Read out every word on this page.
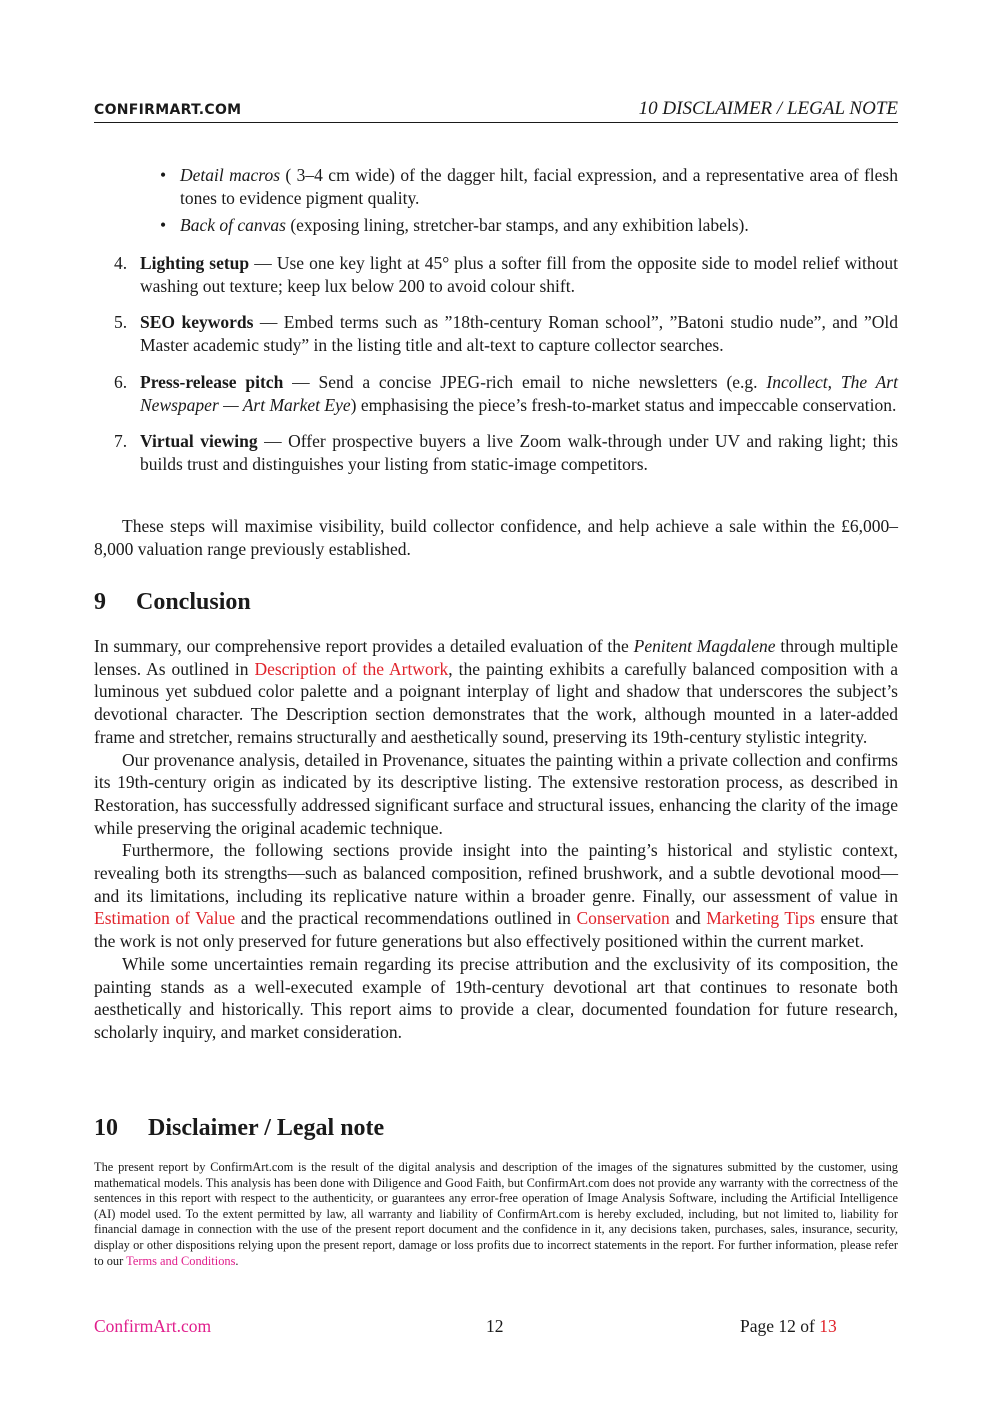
CONFIRMART.COM	10 DISCLAIMER / LEGAL NOTE
• Detail macros ( 3–4 cm wide) of the dagger hilt, facial expression, and a representative area of flesh tones to evidence pigment quality.
• Back of canvas (exposing lining, stretcher-bar stamps, and any exhibition labels).
4. Lighting setup — Use one key light at 45° plus a softer fill from the opposite side to model relief without washing out texture; keep lux below 200 to avoid colour shift.
5. SEO keywords — Embed terms such as ”18th-century Roman school”, ”Batoni studio nude”, and ”Old Master academic study” in the listing title and alt-text to capture collector searches.
6. Press-release pitch — Send a concise JPEG-rich email to niche newsletters (e.g. Incollect, The Art Newspaper — Art Market Eye) emphasising the piece’s fresh-to-market status and impeccable conservation.
7. Virtual viewing — Offer prospective buyers a live Zoom walk-through under UV and raking light; this builds trust and distinguishes your listing from static-image competitors.

These steps will maximise visibility, build collector confidence, and help achieve a sale within the £6,000–8,000 valuation range previously established.

9 Conclusion

In summary, our comprehensive report provides a detailed evaluation of the Penitent Magdalene through multiple lenses. As outlined in Description of the Artwork, the painting exhibits a carefully balanced composition with a luminous yet subdued color palette and a poignant interplay of light and shadow that underscores the subject’s devotional character. The Description section demonstrates that the work, although mounted in a later-added frame and stretcher, remains structurally and aesthetically sound, preserving its 19th-century stylistic integrity.

Our provenance analysis, detailed in Provenance, situates the painting within a private collection and confirms its 19th-century origin as indicated by its descriptive listing. The extensive restoration process, as described in Restoration, has successfully addressed significant surface and structural issues, enhancing the clarity of the image while preserving the original academic technique.

Furthermore, the following sections provide insight into the painting’s historical and stylistic context, revealing both its strengths—such as balanced composition, refined brushwork, and a subtle devotional mood—and its limitations, including its replicative nature within a broader genre. Finally, our assessment of value in Estimation of Value and the practical recommendations outlined in Conservation and Marketing Tips ensure that the work is not only preserved for future generations but also effectively positioned within the current market.

While some uncertainties remain regarding its precise attribution and the exclusivity of its composition, the painting stands as a well-executed example of 19th-century devotional art that continues to resonate both aesthetically and historically. This report aims to provide a clear, documented foundation for future research, scholarly inquiry, and market consideration.

10 Disclaimer / Legal note
The present report by ConfirmArt.com is the result of the digital analysis and description of the images of the signatures submitted by the customer, using mathematical models. This analysis has been done with Diligence and Good Faith, but ConfirmArt.com does not provide any warranty with the correctness of the sentences in this report with respect to the authenticity, or guarantees any error-free operation of Image Analysis Software, including the Artificial Intelligence (AI) model used. To the extent permitted by law, all warranty and liability of ConfirmArt.com is hereby excluded, including, but not limited to, liability for financial damage in connection with the use of the present report document and the confidence in it, any decisions taken, purchases, sales, insurance, security, display or other dispositions relying upon the present report, damage or loss profits due to incorrect statements in the report. For further information, please refer to our Terms and Conditions.
ConfirmArt.com	12	Page 12 of 13
